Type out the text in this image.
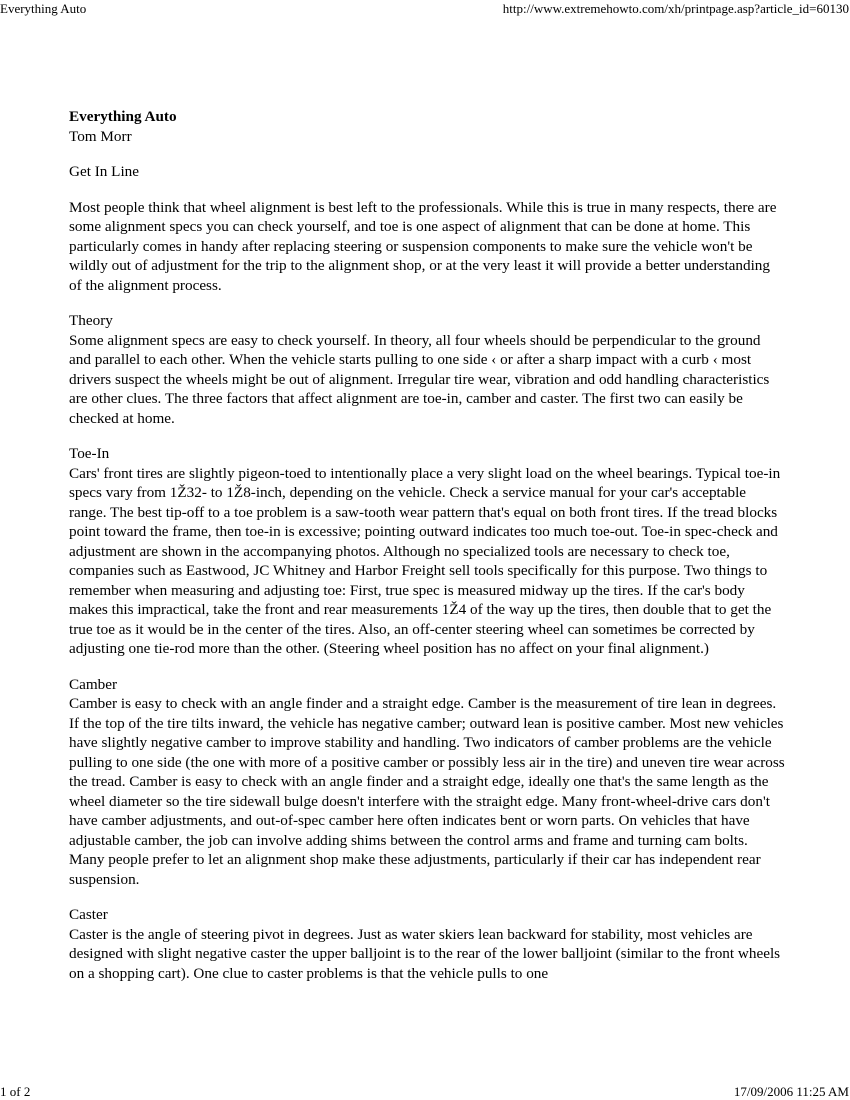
Everything Auto	http://www.extremehowto.com/xh/printpage.asp?article_id=60130
Everything Auto
Tom Morr
Get In Line
Most people think that wheel alignment is best left to the professionals. While this is true in many respects, there are some alignment specs you can check yourself, and toe is one aspect of alignment that can be done at home. This particularly comes in handy after replacing steering or suspension components to make sure the vehicle won't be wildly out of adjustment for the trip to the alignment shop, or at the very least it will provide a better understanding of the alignment process.
Theory
Some alignment specs are easy to check yourself. In theory, all four wheels should be perpendicular to the ground and parallel to each other. When the vehicle starts pulling to one side ‹ or after a sharp impact with a curb ‹ most drivers suspect the wheels might be out of alignment. Irregular tire wear, vibration and odd handling characteristics are other clues. The three factors that affect alignment are toe-in, camber and caster. The first two can easily be checked at home.
Toe-In
Cars' front tires are slightly pigeon-toed to intentionally place a very slight load on the wheel bearings. Typical toe-in specs vary from 1Ž32- to 1Ž8-inch, depending on the vehicle. Check a service manual for your car's acceptable range. The best tip-off to a toe problem is a saw-tooth wear pattern that's equal on both front tires. If the tread blocks point toward the frame, then toe-in is excessive; pointing outward indicates too much toe-out. Toe-in spec-check and adjustment are shown in the accompanying photos. Although no specialized tools are necessary to check toe, companies such as Eastwood, JC Whitney and Harbor Freight sell tools specifically for this purpose. Two things to remember when measuring and adjusting toe: First, true spec is measured midway up the tires. If the car's body makes this impractical, take the front and rear measurements 1Ž4 of the way up the tires, then double that to get the true toe as it would be in the center of the tires. Also, an off-center steering wheel can sometimes be corrected by adjusting one tie-rod more than the other. (Steering wheel position has no affect on your final alignment.)
Camber
Camber is easy to check with an angle finder and a straight edge. Camber is the measurement of tire lean in degrees. If the top of the tire tilts inward, the vehicle has negative camber; outward lean is positive camber. Most new vehicles have slightly negative camber to improve stability and handling. Two indicators of camber problems are the vehicle pulling to one side (the one with more of a positive camber or possibly less air in the tire) and uneven tire wear across the tread. Camber is easy to check with an angle finder and a straight edge, ideally one that's the same length as the wheel diameter so the tire sidewall bulge doesn't interfere with the straight edge. Many front-wheel-drive cars don't have camber adjustments, and out-of-spec camber here often indicates bent or worn parts. On vehicles that have adjustable camber, the job can involve adding shims between the control arms and frame and turning cam bolts. Many people prefer to let an alignment shop make these adjustments, particularly if their car has independent rear suspension.
Caster
Caster is the angle of steering pivot in degrees. Just as water skiers lean backward for stability, most vehicles are designed with slight negative caster the upper balljoint is to the rear of the lower balljoint (similar to the front wheels on a shopping cart). One clue to caster problems is that the vehicle pulls to one
1 of 2	17/09/2006 11:25 AM
